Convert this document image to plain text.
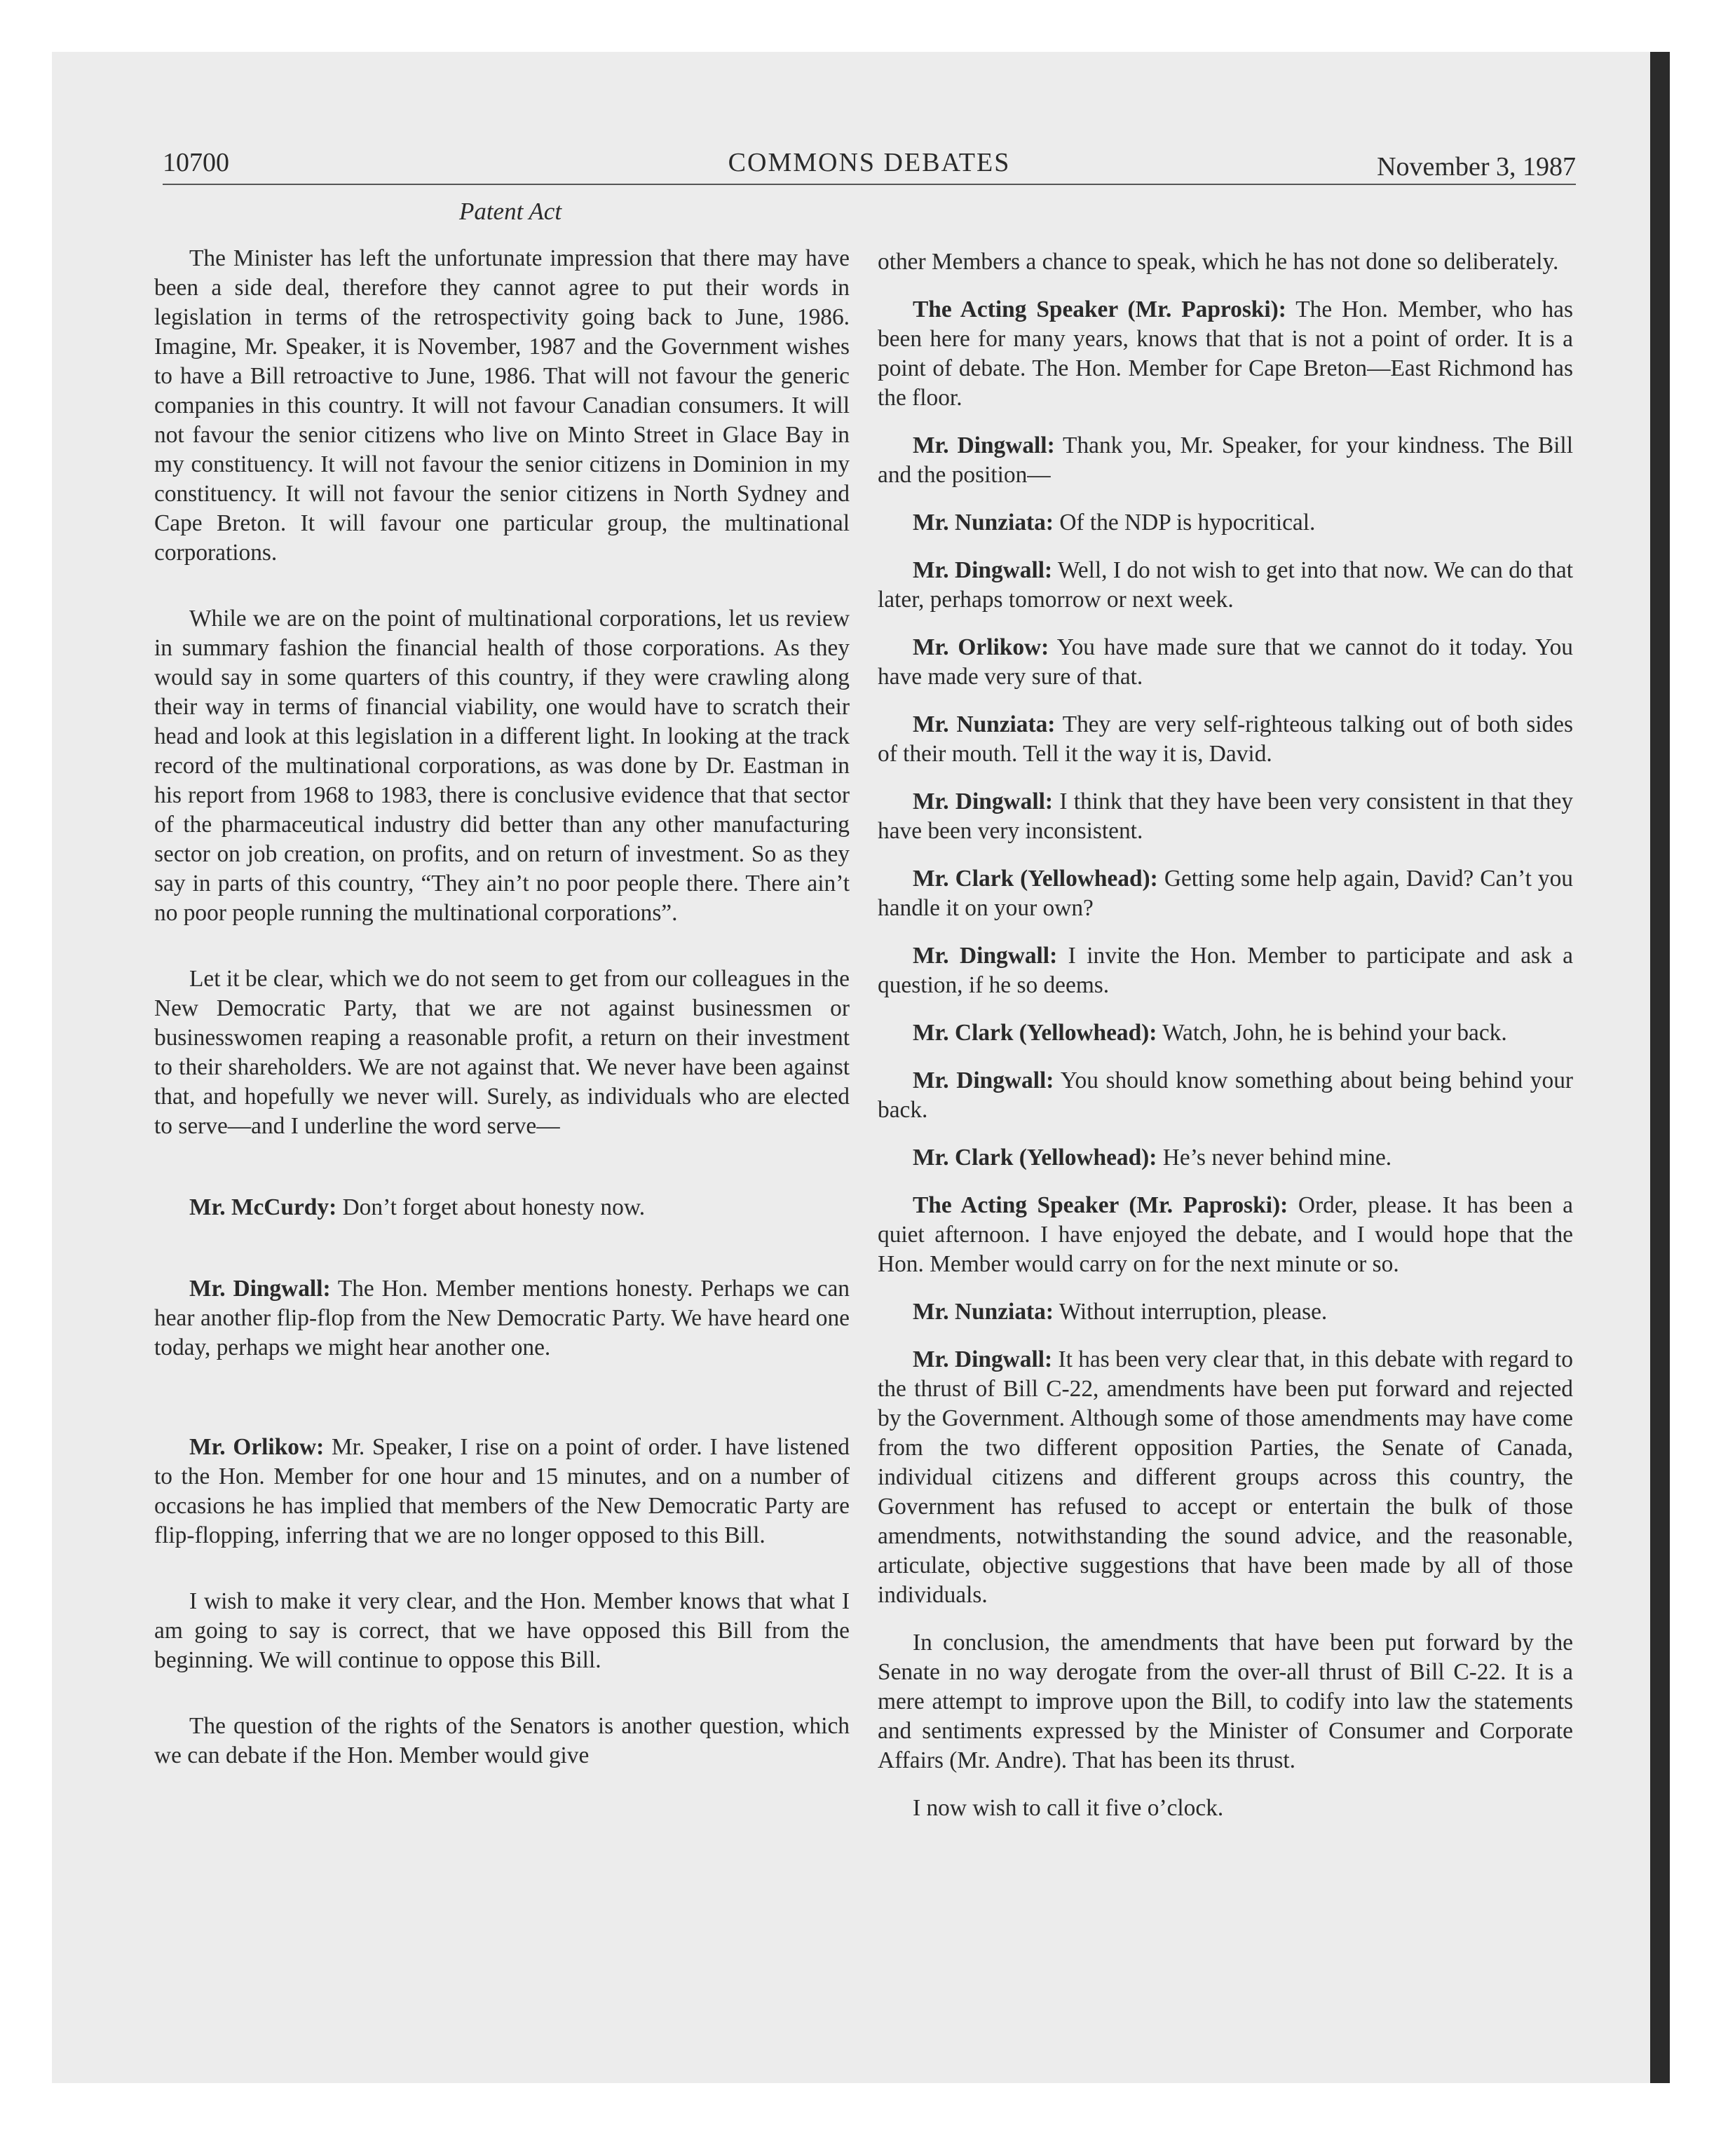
10700	COMMONS DEBATES	November 3, 1987
Patent Act

The Minister has left the unfortunate impression that there may have been a side deal, therefore they cannot agree to put their words in legislation in terms of the retrospectivity going back to June, 1986. Imagine, Mr. Speaker, it is November, 1987 and the Government wishes to have a Bill retroactive to June, 1986. That will not favour the generic companies in this country. It will not favour Canadian consumers. It will not favour the senior citizens who live on Minto Street in Glace Bay in my constituency. It will not favour the senior citizens in Dominion in my constituency. It will not favour the senior citizens in North Sydney and Cape Breton. It will favour one particular group, the multinational corporations.

While we are on the point of multinational corporations, let us review in summary fashion the financial health of those corporations. As they would say in some quarters of this country, if they were crawling along their way in terms of financial viability, one would have to scratch their head and look at this legislation in a different light. In looking at the track record of the multinational corporations, as was done by Dr. Eastman in his report from 1968 to 1983, there is conclusive evidence that that sector of the pharmaceutical industry did better than any other manufacturing sector on job creation, on profits, and on return of investment. So as they say in parts of this country, “They ain’t no poor people there. There ain’t no poor people running the multinational corporations”.

Let it be clear, which we do not seem to get from our colleagues in the New Democratic Party, that we are not against businessmen or businesswomen reaping a reasonable profit, a return on their investment to their shareholders. We are not against that. We never have been against that, and hopefully we never will. Surely, as individuals who are elected to serve—and I underline the word serve—

Mr. McCurdy: Don’t forget about honesty now.

Mr. Dingwall: The Hon. Member mentions honesty. Perhaps we can hear another flip-flop from the New Democratic Party. We have heard one today, perhaps we might hear another one.

Mr. Orlikow: Mr. Speaker, I rise on a point of order. I have listened to the Hon. Member for one hour and 15 minutes, and on a number of occasions he has implied that members of the New Democratic Party are flip-flopping, inferring that we are no longer opposed to this Bill.

I wish to make it very clear, and the Hon. Member knows that what I am going to say is correct, that we have opposed this Bill from the beginning. We will continue to oppose this Bill.

The question of the rights of the Senators is another question, which we can debate if the Hon. Member would give

other Members a chance to speak, which he has not done so deliberately.

The Acting Speaker (Mr. Paproski): The Hon. Member, who has been here for many years, knows that that is not a point of order. It is a point of debate. The Hon. Member for Cape Breton—East Richmond has the floor.

Mr. Dingwall: Thank you, Mr. Speaker, for your kindness. The Bill and the position—

Mr. Nunziata: Of the NDP is hypocritical.

Mr. Dingwall: Well, I do not wish to get into that now. We can do that later, perhaps tomorrow or next week.

Mr. Orlikow: You have made sure that we cannot do it today. You have made very sure of that.

Mr. Nunziata: They are very self-righteous talking out of both sides of their mouth. Tell it the way it is, David.

Mr. Dingwall: I think that they have been very consistent in that they have been very inconsistent.

Mr. Clark (Yellowhead): Getting some help again, David? Can’t you handle it on your own?

Mr. Dingwall: I invite the Hon. Member to participate and ask a question, if he so deems.

Mr. Clark (Yellowhead): Watch, John, he is behind your back.

Mr. Dingwall: You should know something about being behind your back.

Mr. Clark (Yellowhead): He’s never behind mine.

The Acting Speaker (Mr. Paproski): Order, please. It has been a quiet afternoon. I have enjoyed the debate, and I would hope that the Hon. Member would carry on for the next minute or so.

Mr. Nunziata: Without interruption, please.

Mr. Dingwall: It has been very clear that, in this debate with regard to the thrust of Bill C-22, amendments have been put forward and rejected by the Government. Although some of those amendments may have come from the two different opposition Parties, the Senate of Canada, individual citizens and different groups across this country, the Government has refused to accept or entertain the bulk of those amendments, notwithstanding the sound advice, and the reasonable, articulate, objective suggestions that have been made by all of those individuals.

In conclusion, the amendments that have been put forward by the Senate in no way derogate from the over-all thrust of Bill C-22. It is a mere attempt to improve upon the Bill, to codify into law the statements and sentiments expressed by the Minister of Consumer and Corporate Affairs (Mr. Andre). That has been its thrust.

I now wish to call it five o’clock.
